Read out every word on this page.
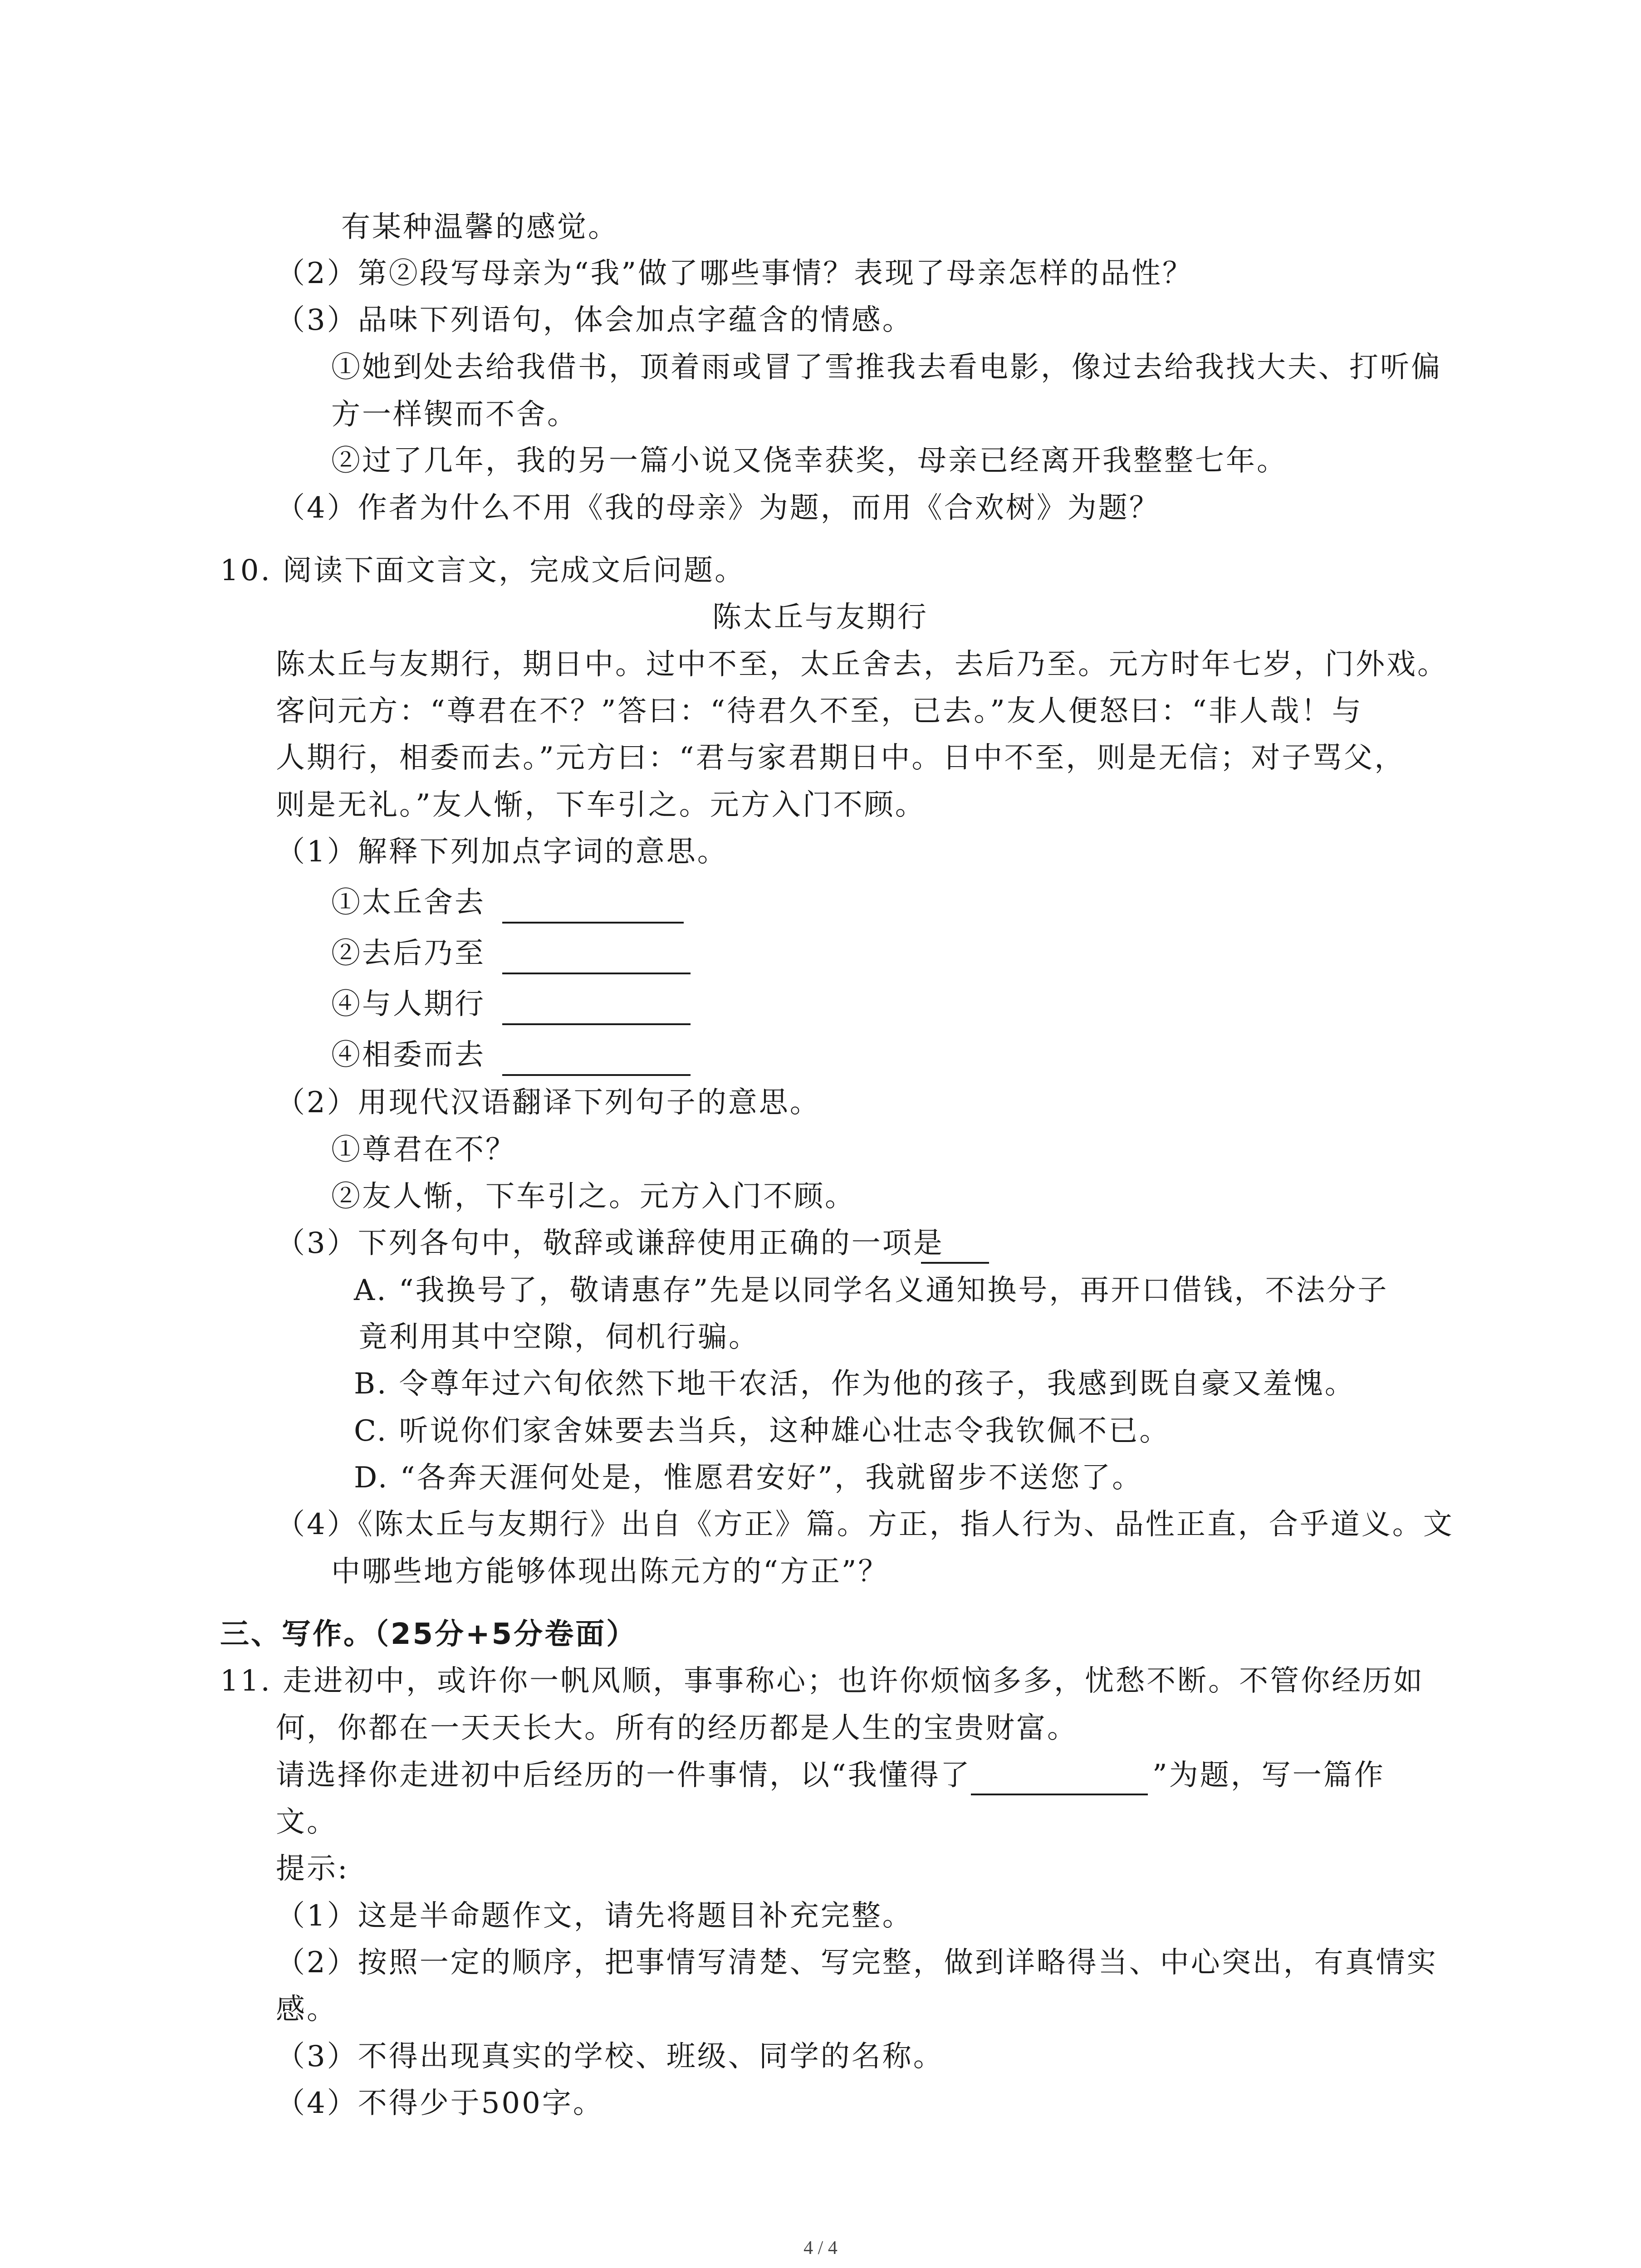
有某种温馨的感觉。
（2）第②段写母亲为“我”做了哪些事情？表现了母亲怎样的品性？
（3）品味下列语句，体会加点字蕴含的情感。
①她到处去给我借书，顶着雨或冒了雪推我去看电影，像过去给我找大夫、打听偏
方一样锲而不舍。
②过了几年，我的另一篇小说又侥幸获奖，母亲已经离开我整整七年。
（4）作者为什么不用《我的母亲》为题，而用《合欢树》为题？
10. 阅读下面文言文，完成文后问题。
陈太丘与友期行
陈太丘与友期行，期日中。过中不至，太丘舍去，去后乃至。元方时年七岁，门外戏。
客问元方：“尊君在不？”答曰：“待君久不至，已去。”友人便怒曰：“非人哉！与
人期行，相委而去。”元方曰：“君与家君期日中。日中不至，则是无信；对子骂父，
则是无礼。”友人惭，下车引之。元方入门不顾。
（1）解释下列加点字词的意思。
①太丘舍去
②去后乃至
④与人期行
④相委而去
（2）用现代汉语翻译下列句子的意思。
①尊君在不？
②友人惭，下车引之。元方入门不顾。
（3）下列各句中，敬辞或谦辞使用正确的一项是
A. “我换号了，敬请惠存”先是以同学名义通知换号，再开口借钱，不法分子
竟利用其中空隙，伺机行骗。
B. 令尊年过六旬依然下地干农活，作为他的孩子，我感到既自豪又羞愧。
C. 听说你们家舍妹要去当兵，这种雄心壮志令我钦佩不已。
D. “各奔天涯何处是，惟愿君安好”，我就留步不送您了。
（4）《陈太丘与友期行》出自《方正》篇。方正，指人行为、品性正直，合乎道义。文
中哪些地方能够体现出陈元方的“方正”？
三、写作。（25分+5分卷面）
11. 走进初中，或许你一帆风顺，事事称心；也许你烦恼多多，忧愁不断。不管你经历如
何，你都在一天天长大。所有的经历都是人生的宝贵财富。
请选择你走进初中后经历的一件事情，以“我懂得了	”为题，写一篇作
文。
提示:
（1）这是半命题作文，请先将题目补充完整。
（2）按照一定的顺序，把事情写清楚、写完整，做到详略得当、中心突出，有真情实
感。
（3）不得出现真实的学校、班级、同学的名称。
（4）不得少于500字。
4 / 4
